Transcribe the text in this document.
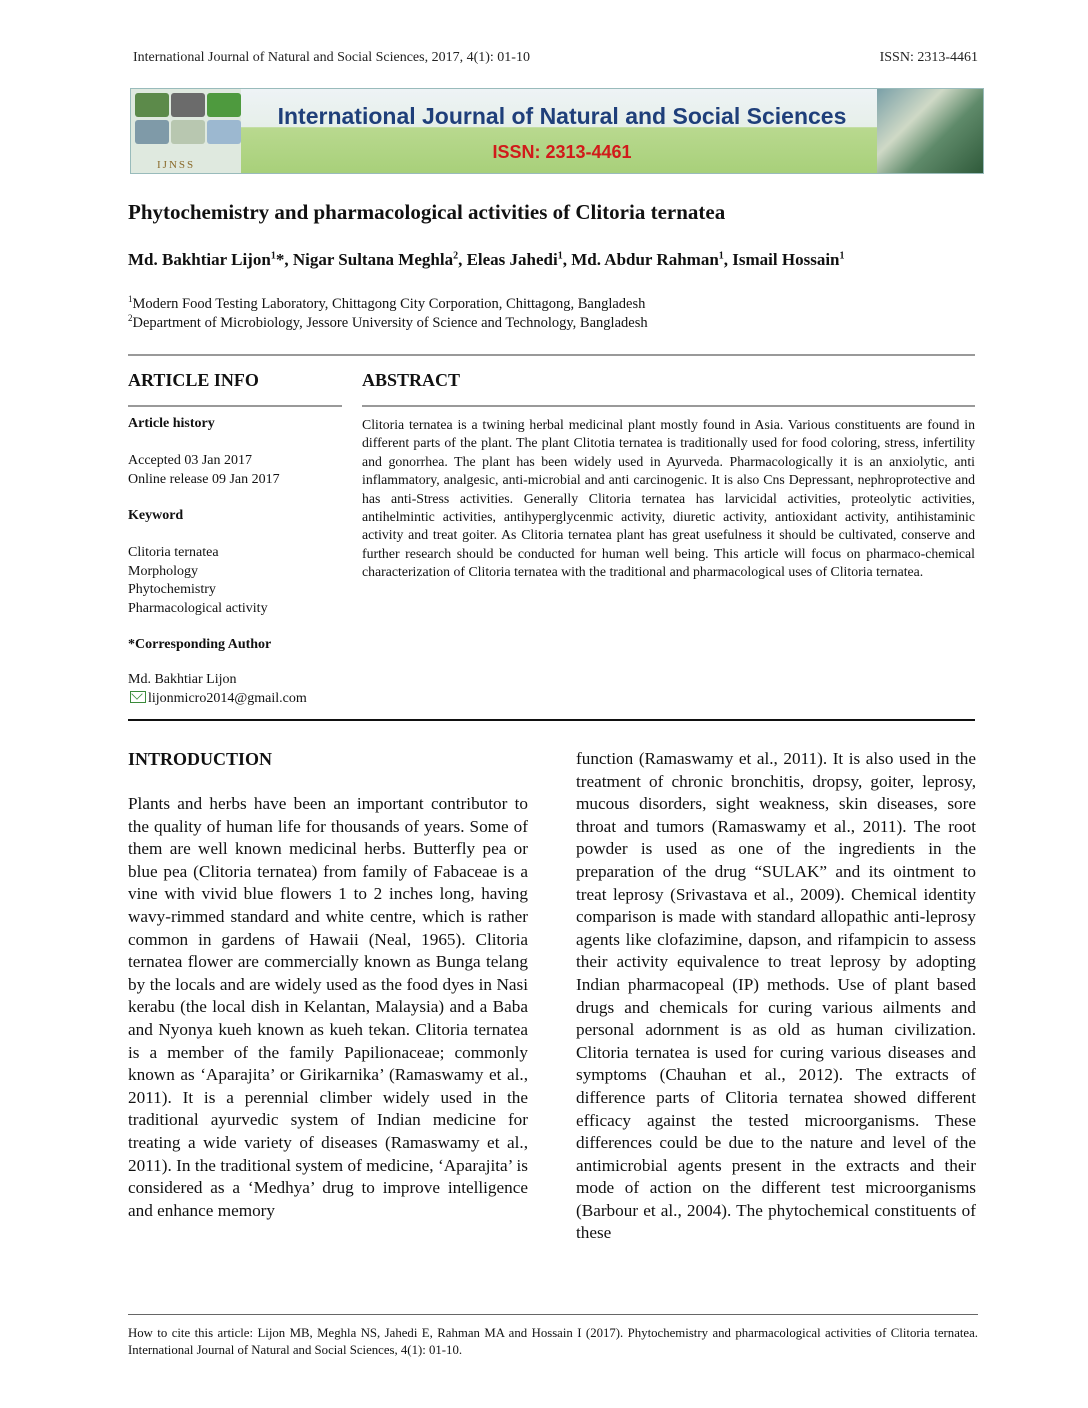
International Journal of Natural and Social Sciences, 2017, 4(1): 01-10	ISSN: 2313-4461
IJNSS
International Journal of Natural and Social Sciences
ISSN: 2313-4461
Phytochemistry and pharmacological activities of Clitoria ternatea
Md. Bakhtiar Lijon$^1$*, Nigar Sultana Meghla$^2$, Eleas Jahedi$^1$, Md. Abdur Rahman$^1$, Ismail Hossain$^1$
$^1$Modern Food Testing Laboratory, Chittagong City Corporation, Chittagong, Bangladesh
$^2$Department of Microbiology, Jessore University of Science and Technology, Bangladesh
ARTICLE INFO	ABSTRACT
Article history
Accepted 03 Jan 2017
Online release 09 Jan 2017
Keyword
Clitoria ternatea
Morphology
Phytochemistry
Pharmacological activity
*Corresponding Author
Md. Bakhtiar Lijon
lijonmicro2014@gmail.com
Clitoria ternatea is a twining herbal medicinal plant mostly found in Asia. Various constituents are found in different parts of the plant. The plant Clitotia ternatea is traditionally used for food coloring, stress, infertility and gonorrhea. The plant has been widely used in Ayurveda. Pharmacologically it is an anxiolytic, anti inflammatory, analgesic, anti-microbial and anti carcinogenic. It is also Cns Depressant, nephroprotective and has anti-Stress activities. Generally Clitoria ternatea has larvicidal activities, proteolytic activities, antihelmintic activities, antihyperglycenmic activity, diuretic activity, antioxidant activity, antihistaminic activity and treat goiter. As Clitoria ternatea plant has great usefulness it should be cultivated, conserve and further research should be conducted for human well being. This article will focus on pharmaco-chemical characterization of Clitoria ternatea with the traditional and pharmacological uses of Clitoria ternatea.
INTRODUCTION
Plants and herbs have been an important contributor to the quality of human life for thousands of years. Some of them are well known medicinal herbs. Butterfly pea or blue pea (Clitoria ternatea) from family of Fabaceae is a vine with vivid blue flowers 1 to 2 inches long, having wavy-rimmed standard and white centre, which is rather common in gardens of Hawaii (Neal, 1965). Clitoria ternatea flower are commercially known as Bunga telang by the locals and are widely used as the food dyes in Nasi kerabu (the local dish in Kelantan, Malaysia) and a Baba and Nyonya kueh known as kueh tekan. Clitoria ternatea is a member of the family Papilionaceae; commonly known as ‘Aparajita’ or Girikarnika’ (Ramaswamy et al., 2011). It is a perennial climber widely used in the traditional ayurvedic system of Indian medicine for treating a wide variety of diseases (Ramaswamy et al., 2011). In the traditional system of medicine, ‘Aparajita’ is considered as a ‘Medhya’ drug to improve intelligence and enhance memory
function (Ramaswamy et al., 2011). It is also used in the treatment of chronic bronchitis, dropsy, goiter, leprosy, mucous disorders, sight weakness, skin diseases, sore throat and tumors (Ramaswamy et al., 2011). The root powder is used as one of the ingredients in the preparation of the drug “SULAK” and its ointment to treat leprosy (Srivastava et al., 2009). Chemical identity comparison is made with standard allopathic anti-leprosy agents like clofazimine, dapson, and rifampicin to assess their activity equivalence to treat leprosy by adopting Indian pharmacopeal (IP) methods. Use of plant based drugs and chemicals for curing various ailments and personal adornment is as old as human civilization. Clitoria ternatea is used for curing various diseases and symptoms (Chauhan et al., 2012). The extracts of difference parts of Clitoria ternatea showed different efficacy against the tested microorganisms. These differences could be due to the nature and level of the antimicrobial agents present in the extracts and their mode of action on the different test microorganisms (Barbour et al., 2004). The phytochemical constituents of these
How to cite this article: Lijon MB, Meghla NS, Jahedi E, Rahman MA and Hossain I (2017). Phytochemistry and pharmacological activities of Clitoria ternatea. International Journal of Natural and Social Sciences, 4(1): 01-10.
